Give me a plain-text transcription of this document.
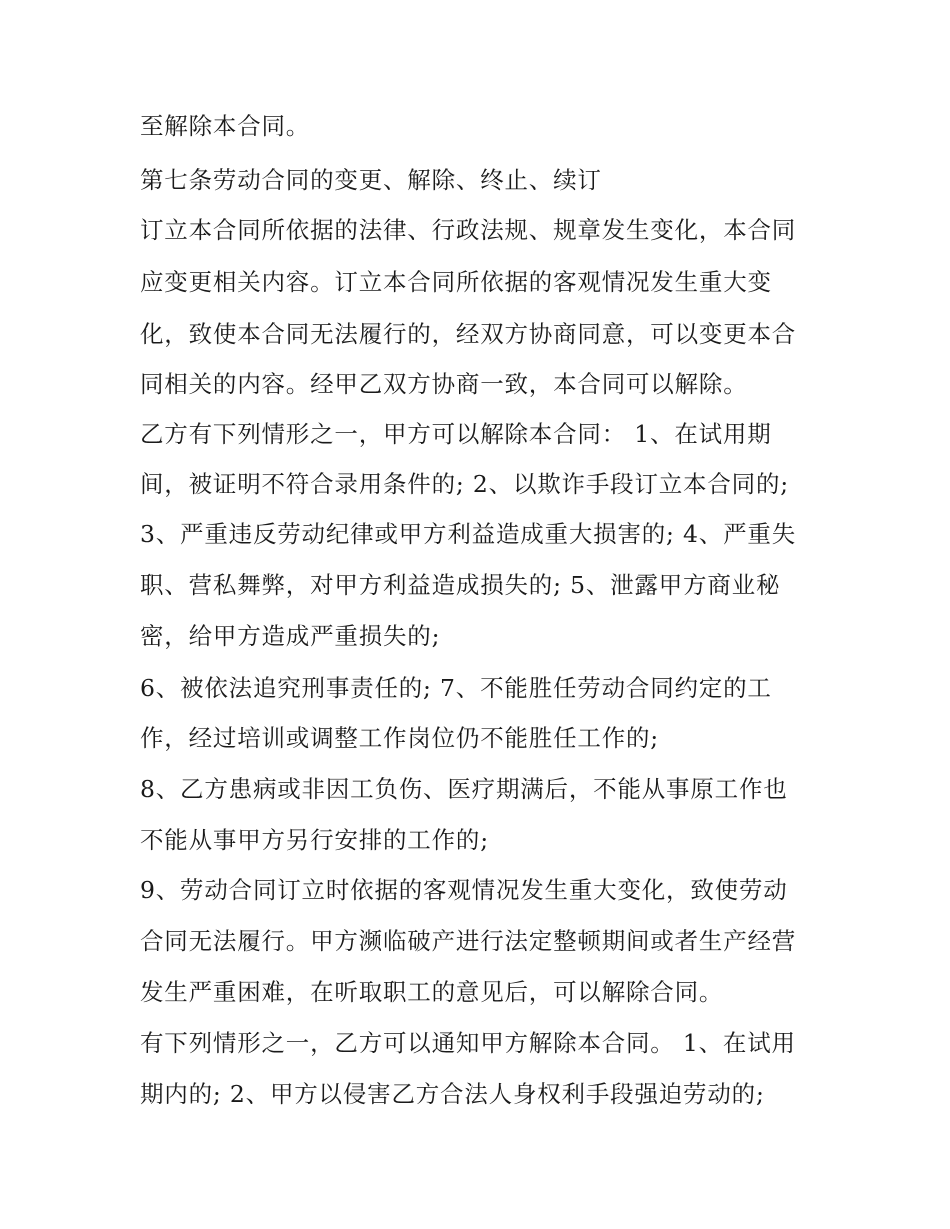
至解除本合同。
第七条劳动合同的变更、解除、终止、续订
订立本合同所依据的法律、行政法规、规章发生变化，本合同
应变更相关内容。订立本合同所依据的客观情况发生重大变
化，致使本合同无法履行的，经双方协商同意，可以变更本合
同相关的内容。经甲乙双方协商一致，本合同可以解除。
乙方有下列情形之一，甲方可以解除本合同： 1、在试用期
间，被证明不符合录用条件的; 2、以欺诈手段订立本合同的;
3、严重违反劳动纪律或甲方利益造成重大损害的; 4、严重失
职、营私舞弊，对甲方利益造成损失的; 5、泄露甲方商业秘
密，给甲方造成严重损失的;
6、被依法追究刑事责任的; 7、不能胜任劳动合同约定的工
作，经过培训或调整工作岗位仍不能胜任工作的;
8、乙方患病或非因工负伤、医疗期满后，不能从事原工作也
不能从事甲方另行安排的工作的;
9、劳动合同订立时依据的客观情况发生重大变化，致使劳动
合同无法履行。甲方濒临破产进行法定整顿期间或者生产经营
发生严重困难，在听取职工的意见后，可以解除合同。
有下列情形之一，乙方可以通知甲方解除本合同。 1、在试用
期内的; 2、甲方以侵害乙方合法人身权利手段强迫劳动的;
